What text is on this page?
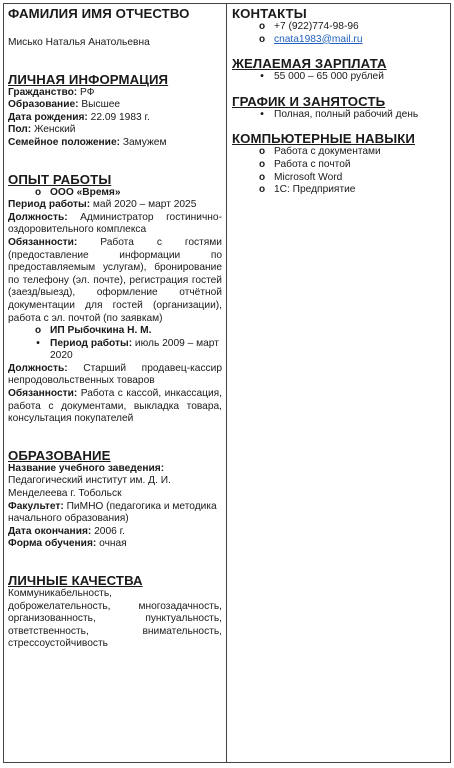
ФАМИЛИЯ ИМЯ ОТЧЕСТВО
Мисько Наталья Анатольевна
ЛИЧНАЯ ИНФОРМАЦИЯ
Гражданство: РФ
Образование: Высшее
Дата рождения: 22.09 1983 г.
Пол: Женский
Семейное положение: Замужем
ОПЫТ РАБОТЫ
o ООО «Время»
Период работы: май 2020 – март 2025
Должность: Администратор гостинично-оздоровительного комплекса
Обязанности: Работа с гостями (предоставление информации по предоставляемым услугам), бронирование по телефону (эл. почте), регистрация гостей (заезд/выезд), оформление отчётной документации для гостей (организации), работа с эл. почтой (по заявкам)
o ИП Рыбочкина Н. М.
•	Период работы: июль 2009 – март 2020
Должность: Старший продавец-кассир непродовольственных товаров
Обязанности: Работа с кассой, инкассация, работа с документами, выкладка товара, консультация покупателей
ОБРАЗОВАНИЕ
Название учебного заведения:
Педагогический институт им. Д. И. Менделеева г. Тобольск
Факультет: ПиМНО (педагогика и методика начального образования)
Дата окончания: 2006 г.
Форма обучения: очная
ЛИЧНЫЕ КАЧЕСТВА
Коммуникабельность,
доброжелательность,	многозадачность,
организованность,	пунктуальность,
ответственность,	внимательность,
стрессоустойчивость
КОНТАКТЫ
o +7 (922)774-98-96
o cnata1983@mail.ru
ЖЕЛАЕМАЯ ЗАРПЛАТА
•	55 000 – 65 000 рублей
ГРАФИК И ЗАНЯТОСТЬ
•	Полная, полный рабочий день
КОМПЬЮТЕРНЫЕ НАВЫКИ
o Работа с документами
o Работа с почтой
o Microsoft Word
o 1С: Предприятие
